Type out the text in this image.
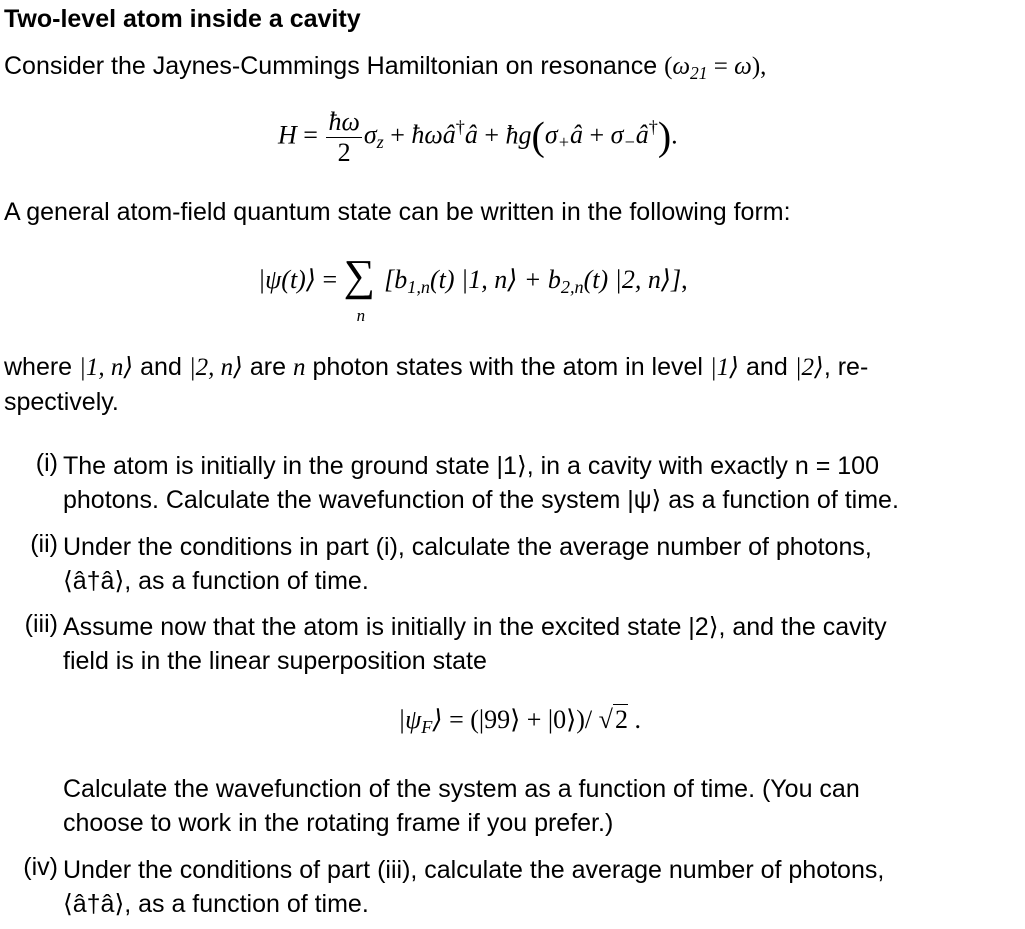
Two-level atom inside a cavity
Consider the Jaynes-Cummings Hamiltonian on resonance $(\omega_{21} = \omega)$,
$H = \frac{ħ\omega}{2} \sigma_z$ + ħωâ†â + $ħg(\sigma_+â$ + $\sigma_-â^\dagger$).
A general atom-field quantum state can be written in the following form:
|ψ(t)⟩ = ∑
n
[$b_{1,n}(t)$ |1, n⟩ + $b_{2,n}(t)$ |2, n⟩],
where |1, n⟩ and |2, n⟩ are n photon states with the atom in level |1⟩ and |2⟩, re-
spectively.
(i) The atom is initially in the ground state |1⟩, in a cavity with exactly n = 100
photons. Calculate the wavefunction of the system |ψ⟩ as a function of time.
(ii) Under the conditions in part (i), calculate the average number of photons,
⟨â†â⟩, as a function of time.
(iii) Assume now that the atom is initially in the excited state |2⟩, and the cavity
field is in the linear superposition state
$|\psi_F⟩$ = (|99⟩ + |0⟩)/ √2 .
Calculate the wavefunction of the system as a function of time. (You can
choose to work in the rotating frame if you prefer.)
(iv) Under the conditions of part (iii), calculate the average number of photons,
⟨â†â⟩, as a function of time.
